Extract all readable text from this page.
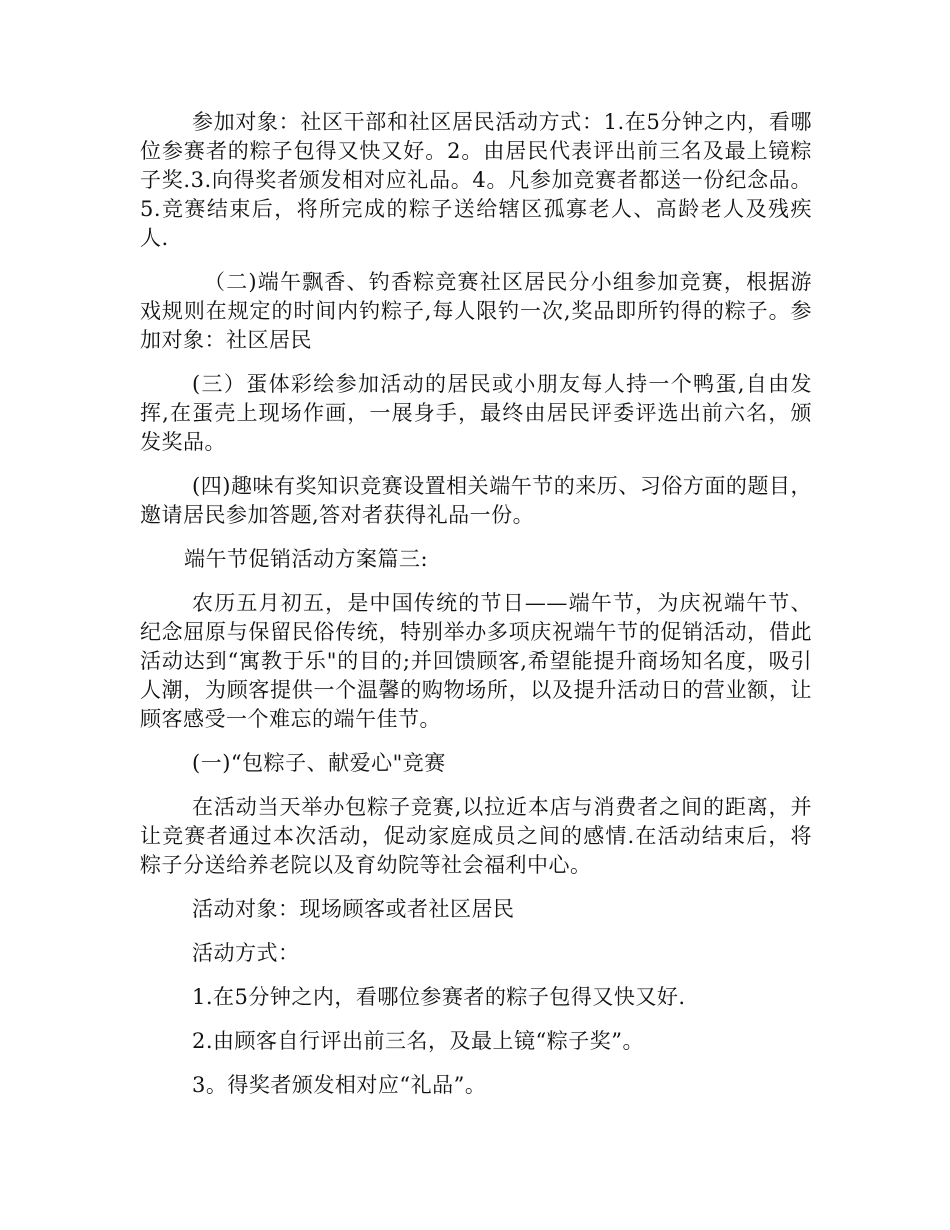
参加对象：社区干部和社区居民活动方式：1.在5分钟之内，看哪位参赛者的粽子包得又快又好。2。由居民代表评出前三名及最上镜粽子奖.3.向得奖者颁发相对应礼品。4。凡参加竞赛者都送一份纪念品。5.竞赛结束后，将所完成的粽子送给辖区孤寡老人、高龄老人及残疾人.

（二)端午飘香、钓香粽竞赛社区居民分小组参加竞赛，根据游戏规则在规定的时间内钓粽子,每人限钓一次,奖品即所钓得的粽子。参加对象：社区居民

(三）蛋体彩绘参加活动的居民或小朋友每人持一个鸭蛋,自由发挥,在蛋壳上现场作画，一展身手，最终由居民评委评选出前六名，颁发奖品。

(四)趣味有奖知识竞赛设置相关端午节的来历、习俗方面的题目，邀请居民参加答题,答对者获得礼品一份。

端午节促销活动方案篇三:

农历五月初五，是中国传统的节日——端午节，为庆祝端午节、纪念屈原与保留民俗传统，特别举办多项庆祝端午节的促销活动，借此活动达到“寓教于乐"的目的;并回馈顾客,希望能提升商场知名度，吸引人潮，为顾客提供一个温馨的购物场所，以及提升活动日的营业额，让顾客感受一个难忘的端午佳节。

(一)“包粽子、献爱心"竞赛

在活动当天举办包粽子竞赛,以拉近本店与消费者之间的距离，并让竞赛者通过本次活动，促动家庭成员之间的感情.在活动结束后，将粽子分送给养老院以及育幼院等社会福利中心。

活动对象：现场顾客或者社区居民

活动方式：

1.在5分钟之内，看哪位参赛者的粽子包得又快又好.

2.由顾客自行评出前三名，及最上镜“粽子奖”。

3。得奖者颁发相对应“礼品”。
